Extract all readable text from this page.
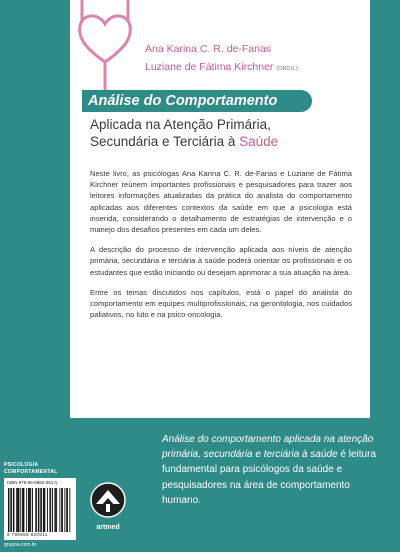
Ana Karina C. R. de-Farias
Luziane de Fátima Kirchner (ORGS.)
Análise do Comportamento
Aplicada na Atenção Primária,
Secundária e Terciária à Saúde

Neste livro, as psicólogas Ana Karina C. R. de-Farias e Luziane de Fátima Kirchner reúnem importantes profissionais e pesquisadores para trazer aos leitores informações atualizadas da prática do analista do comportamento aplicadas aos diferentes contextos da saúde em que a psicologia está inserida, considerando o detalhamento de estratégias de intervenção e o manejo dos desafios presentes em cada um deles.

A descrição do processo de intervenção aplicada aos níveis de atenção primária, secundária e terciária à saúde poderá orientar os profissionais e os estudantes que estão iniciando ou desejam aprimorar a sua atuação na área.

Entre os temas discutidos nos capítulos, está o papel do analista do comportamento em equipes multiprofissionais, na gerontologia, nos cuidados paliativos, no luto e na psico-oncologia.

Análise do comportamento aplicada na atenção primária, secundária e terciária à saúde é leitura fundamental para psicólogos da saúde e pesquisadores na área de comportamento humano.
PSICOLOGIA
COMPORTAMENTAL
ISBN 978-65-5882-061-1
9 786558 820611
artmed
grupoa.com.br
